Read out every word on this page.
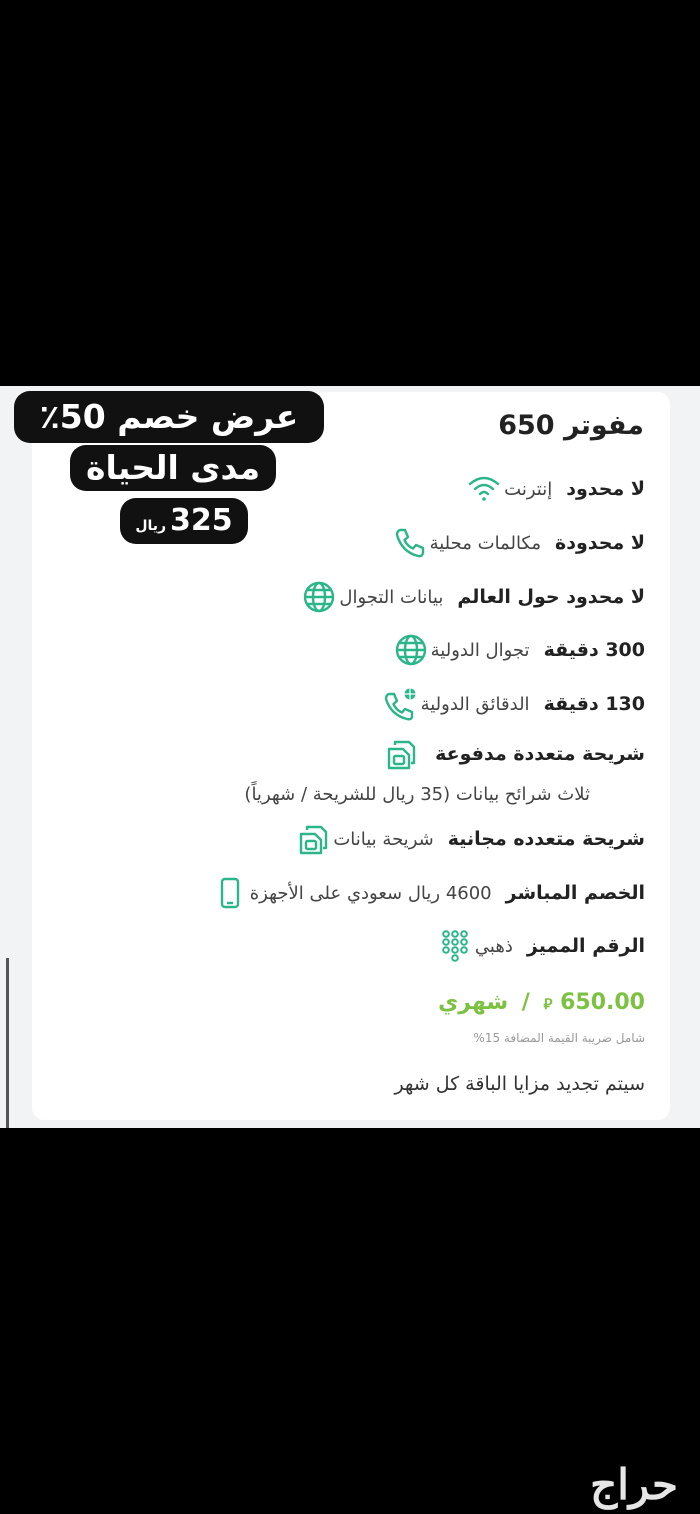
مفوتر 650
لا محدود
إنترنت
لا محدودة
مكالمات محلية
لا محدود حول العالم
بيانات التجوال
300 دقيقة
تجوال الدولية
130 دقيقة
الدقائق الدولية
شريحة متعددة مدفوعة
ثلاث شرائح بيانات (35 ريال للشريحة / شهرياً)
شريحة متعدده مجانية
شريحة بيانات
الخصم المباشر
4600 ريال سعودي على الأجهزة
الرقم المميز
ذهبي
650.00 ⃁ / شهري
شامل ضريبة القيمة المضافة 15%
سيتم تجديد مزايا الباقة كل شهر
عرض خصم 50٪
مدى الحياة
325ريال
حراج
